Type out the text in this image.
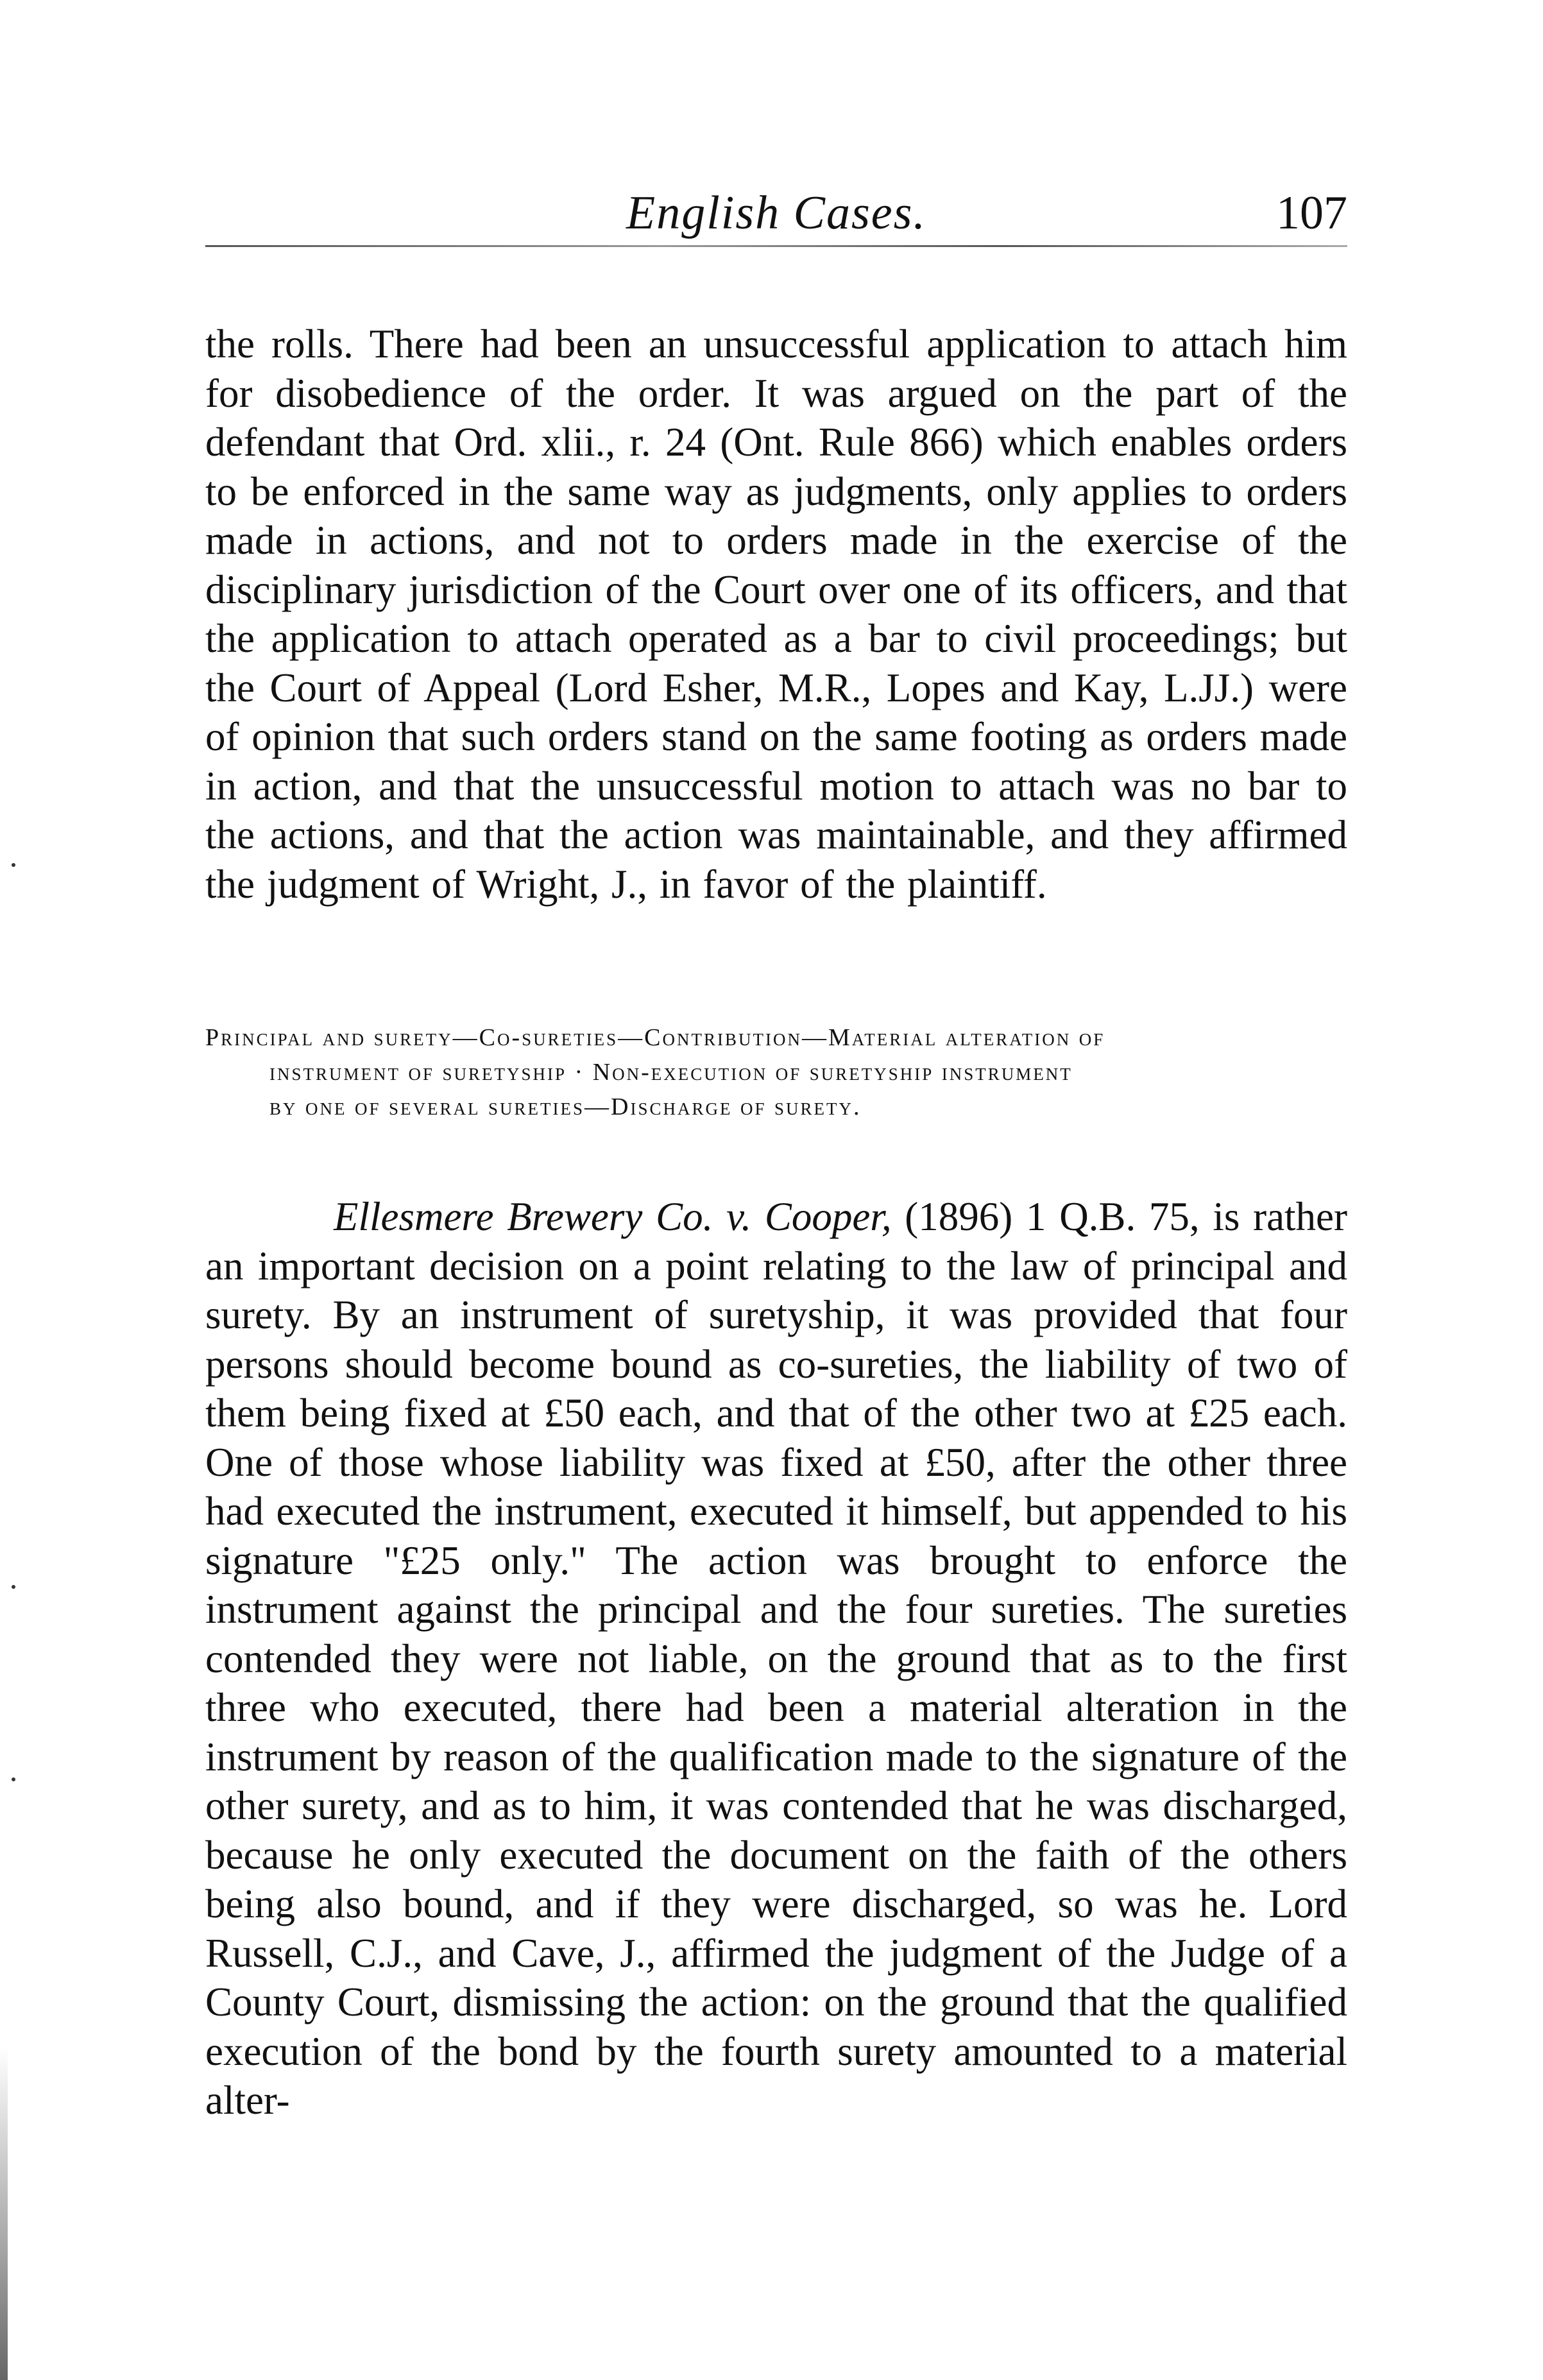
English Cases.	107

the rolls. There had been an unsuccessful application to attach him for disobedience of the order. It was argued on the part of the defendant that Ord. xlii., r. 24 (Ont. Rule 866) which enables orders to be enforced in the same way as judgments, only applies to orders made in actions, and not to orders made in the exercise of the disciplinary jurisdiction of the Court over one of its officers, and that the application to attach operated as a bar to civil proceedings; but the Court of Appeal (Lord Esher, M.R., Lopes and Kay, L.JJ.) were of opinion that such orders stand on the same footing as orders made in action, and that the unsuccessful motion to attach was no bar to the actions, and that the action was maintainable, and they affirmed the judgment of Wright, J., in favor of the plaintiff.

Principal and surety—Co-sureties—Contribution—Material alteration of
instrument of suretyship · Non-execution of suretyship instrument
by one of several sureties—Discharge of surety.

Ellesmere Brewery Co. v. Cooper, (1896) 1 Q.B. 75, is rather an important decision on a point relating to the law of principal and surety. By an instrument of suretyship, it was provided that four persons should become bound as co-sureties, the liability of two of them being fixed at £50 each, and that of the other two at £25 each. One of those whose liability was fixed at £50, after the other three had executed the instrument, executed it himself, but appended to his signature "£25 only." The action was brought to enforce the instrument against the principal and the four sureties. The sureties contended they were not liable, on the ground that as to the first three who executed, there had been a material alteration in the instrument by reason of the qualification made to the signature of the other surety, and as to him, it was contended that he was discharged, because he only executed the document on the faith of the others being also bound, and if they were discharged, so was he. Lord Russell, C.J., and Cave, J., affirmed the judgment of the Judge of a County Court, dismissing the action: on the ground that the qualified execution of the bond by the fourth surety amounted to a material alter-
